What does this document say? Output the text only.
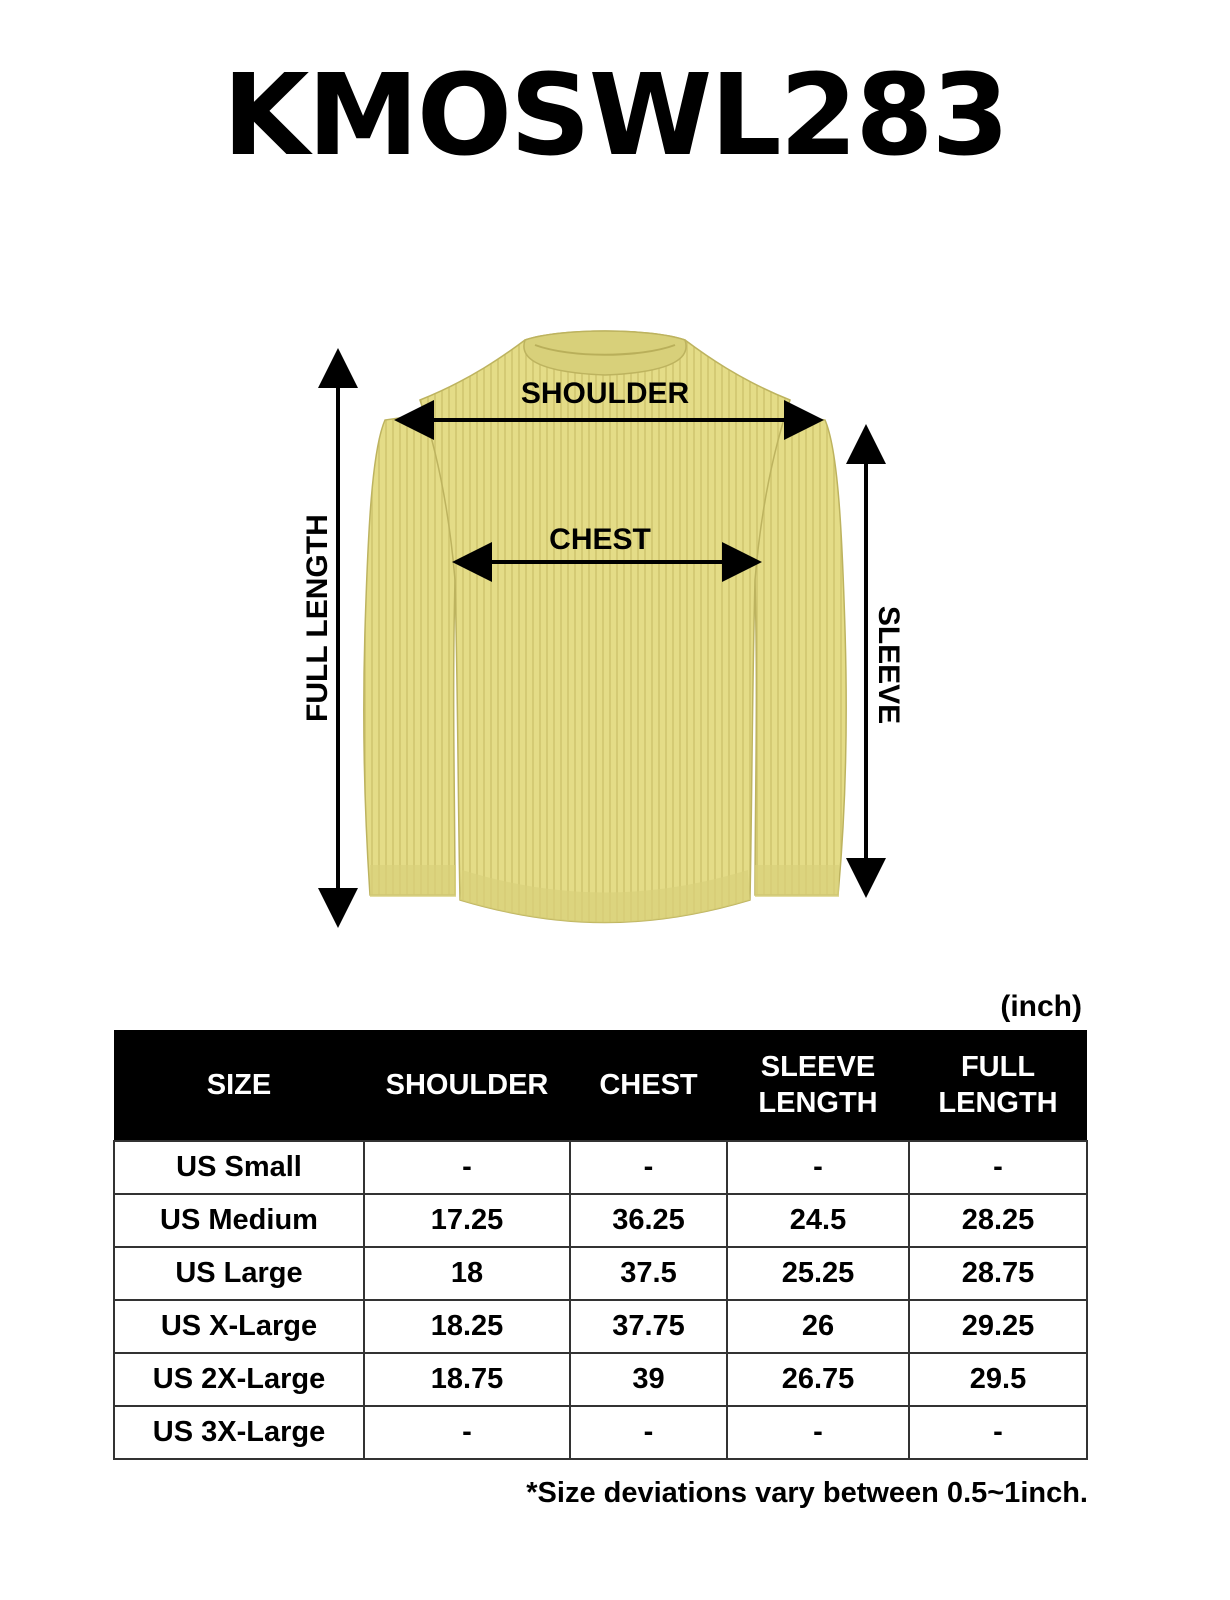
KMOSWL283
SHOULDER
CHEST
FULL LENGTH	SLEEVE
(inch)
SIZE	SHOULDER	CHEST	SLEEVE LENGTH	FULL LENGTH
US Small	-	-	-	-
US Medium	17.25	36.25	24.5	28.25
US Large	18	37.5	25.25	28.75
US X-Large	18.25	37.75	26	29.25
US 2X-Large	18.75	39	26.75	29.5
US 3X-Large	-	-	-	-
*Size deviations vary between 0.5~1inch.
